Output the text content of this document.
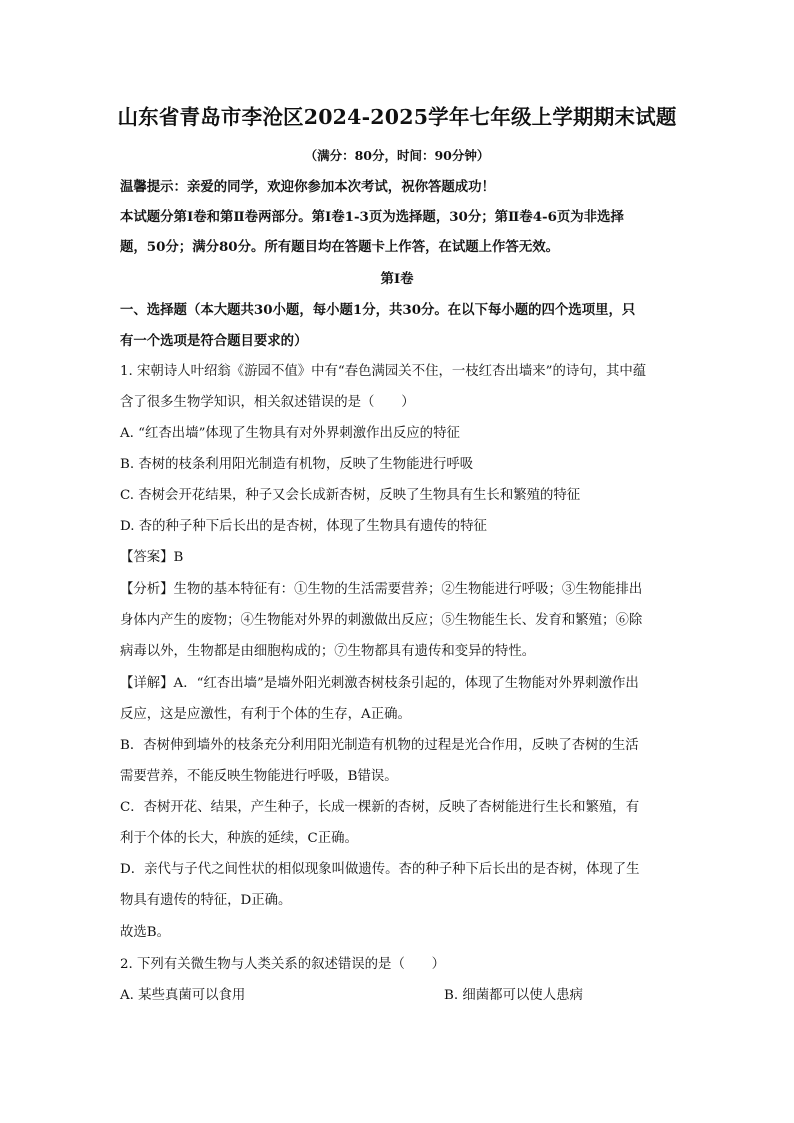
山东省青岛市李沧区2024-2025学年七年级上学期期末试题
（满分：80分，时间：90分钟）
温馨提示：亲爱的同学，欢迎你参加本次考试，祝你答题成功！
本试题分第Ⅰ卷和第Ⅱ卷两部分。第Ⅰ卷1-3页为选择题，30分；第Ⅱ卷4-6页为非选择
题，50分；满分80分。所有题目均在答题卡上作答，在试题上作答无效。
第Ⅰ卷
一、选择题（本大题共30小题，每小题1分，共30分。在以下每小题的四个选项里，只
有一个选项是符合题目要求的）
1. 宋朝诗人叶绍翁《游园不值》中有“春色满园关不住，一枝红杏出墙来”的诗句，其中蕴
含了很多生物学知识，相关叙述错误的是（　　）
A. “红杏出墙”体现了生物具有对外界刺激作出反应的特征
B. 杏树的枝条利用阳光制造有机物，反映了生物能进行呼吸
C. 杏树会开花结果，种子又会长成新杏树，反映了生物具有生长和繁殖的特征
D. 杏的种子种下后长出的是杏树，体现了生物具有遗传的特征
【答案】B
【分析】生物的基本特征有：①生物的生活需要营养；②生物能进行呼吸；③生物能排出
身体内产生的废物；④生物能对外界的刺激做出反应；⑤生物能生长、发育和繁殖；⑥除
病毒以外，生物都是由细胞构成的；⑦生物都具有遗传和变异的特性。
【详解】A．“红杏出墙”是墙外阳光刺激杏树枝条引起的，体现了生物能对外界刺激作出
反应，这是应激性，有利于个体的生存，A正确。
B．杏树伸到墙外的枝条充分利用阳光制造有机物的过程是光合作用，反映了杏树的生活
需要营养，不能反映生物能进行呼吸，B错误。
C．杏树开花、结果，产生种子，长成一棵新的杏树，反映了杏树能进行生长和繁殖，有
利于个体的长大，种族的延续，C正确。
D．亲代与子代之间性状的相似现象叫做遗传。杏的种子种下后长出的是杏树，体现了生
物具有遗传的特征，D正确。
故选B。
2. 下列有关微生物与人类关系的叙述错误的是（　　）
A. 某些真菌可以食用	B. 细菌都可以使人患病
